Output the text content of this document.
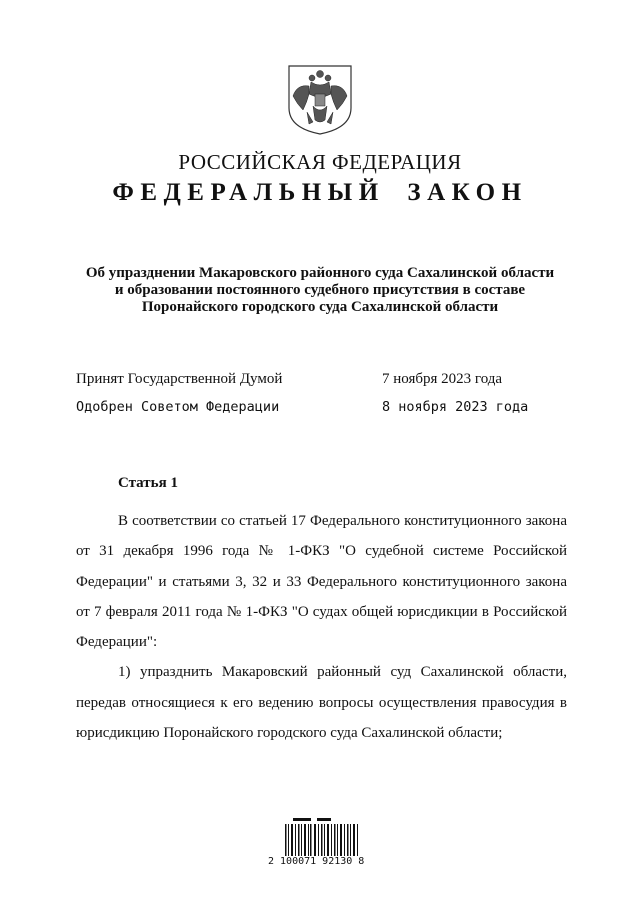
РОССИЙСКАЯ ФЕДЕРАЦИЯ
ФЕДЕРАЛЬНЫЙ ЗАКОН
Об упразднении Макаровского районного суда Сахалинской области
и образовании постоянного судебного присутствия в составе
Поронайского городского суда Сахалинской области
Принят Государственной Думой	7 ноября 2023 года
Одобрен Советом Федерации	8 ноября 2023 года
Статья 1

В соответствии со статьей 17 Федерального конституционного закона от 31 декабря 1996 года № 1-ФКЗ "О судебной системе Российской Федерации" и статьями 3, 32 и 33 Федерального конституционного закона от 7 февраля 2011 года № 1-ФКЗ "О судах общей юрисдикции в Российской Федерации":

1) упразднить Макаровский районный суд Сахалинской области, передав относящиеся к его ведению вопросы осуществления правосудия в юрисдикцию Поронайского городского суда Сахалинской области;

2 100071 92130 8
